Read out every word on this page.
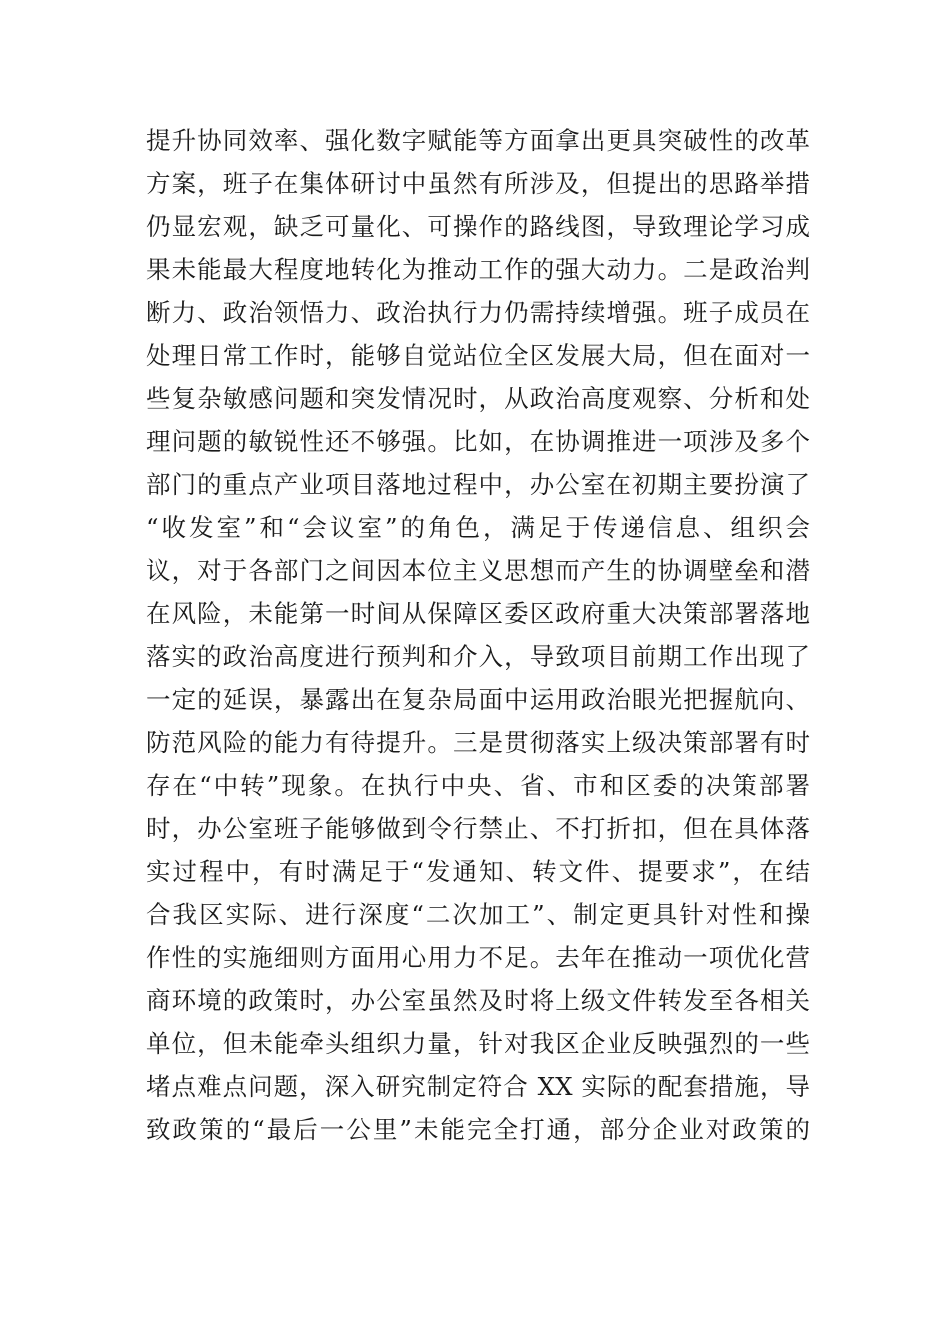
提升协同效率、强化数字赋能等方面拿出更具突破性的改革
方案，班子在集体研讨中虽然有所涉及，但提出的思路举措
仍显宏观，缺乏可量化、可操作的路线图，导致理论学习成
果未能最大程度地转化为推动工作的强大动力。二是政治判
断力、政治领悟力、政治执行力仍需持续增强。班子成员在
处理日常工作时，能够自觉站位全区发展大局，但在面对一
些复杂敏感问题和突发情况时，从政治高度观察、分析和处
理问题的敏锐性还不够强。比如，在协调推进一项涉及多个
部门的重点产业项目落地过程中，办公室在初期主要扮演了
“收发室”和“会议室”的角色，满足于传递信息、组织会
议，对于各部门之间因本位主义思想而产生的协调壁垒和潜
在风险，未能第一时间从保障区委区政府重大决策部署落地
落实的政治高度进行预判和介入，导致项目前期工作出现了
一定的延误，暴露出在复杂局面中运用政治眼光把握航向、
防范风险的能力有待提升。三是贯彻落实上级决策部署有时
存在“中转”现象。在执行中央、省、市和区委的决策部署
时，办公室班子能够做到令行禁止、不打折扣，但在具体落
实过程中，有时满足于“发通知、转文件、提要求”，在结
合我区实际、进行深度“二次加工”、制定更具针对性和操
作性的实施细则方面用心用力不足。去年在推动一项优化营
商环境的政策时，办公室虽然及时将上级文件转发至各相关
单位，但未能牵头组织力量，针对我区企业反映强烈的一些
堵点难点问题，深入研究制定符合 XX 实际的配套措施，导
致政策的“最后一公里”未能完全打通，部分企业对政策的
